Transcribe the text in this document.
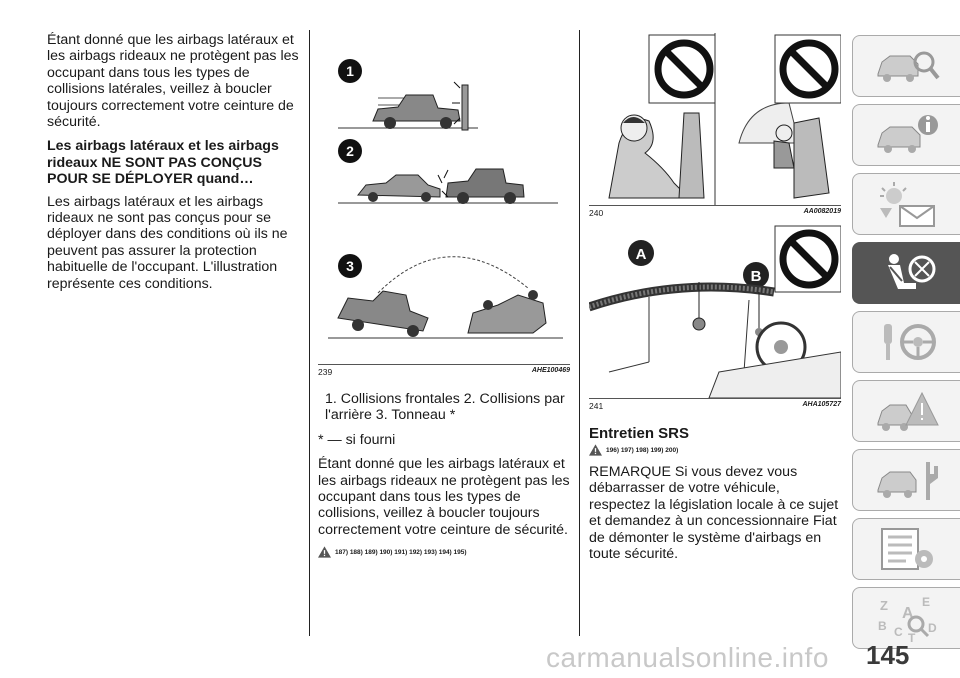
Étant donné que les airbags latéraux et les airbags rideaux ne protègent pas les occupant dans tous les types de collisions latérales, veillez à boucler toujours correctement votre ceinture de sécurité.

Les airbags latéraux et les airbags rideaux NE SONT PAS CONÇUS POUR SE DÉPLOYER quand…

Les airbags latéraux et les airbags rideaux ne sont pas conçus pour se déployer dans des conditions où ils ne peuvent pas assurer la protection habituelle de l'occupant. L'illustration représente ces conditions.

1
2
3
239	AHE100469

1. Collisions frontales 2. Collisions par l'arrière 3. Tonneau *

* — si fourni

Étant donné que les airbags latéraux et les airbags rideaux ne protègent pas les occupant dans tous les types de collisions, veillez à boucler toujours correctement votre ceinture de sécurité.

187) 188) 189) 190) 191) 192) 193) 194) 195)
240	AA0082019
A
B
241	AHA105727
Entretien SRS
196) 197) 198) 199) 200)

REMARQUE Si vous devez vous débarrasser de votre véhicule, respectez la législation locale à ce sujet et demandez à un concessionnaire Fiat de démonter le système d'airbags en toute sécurité.

Z	E
A
B C T
D
carmanualsonline.info 145
